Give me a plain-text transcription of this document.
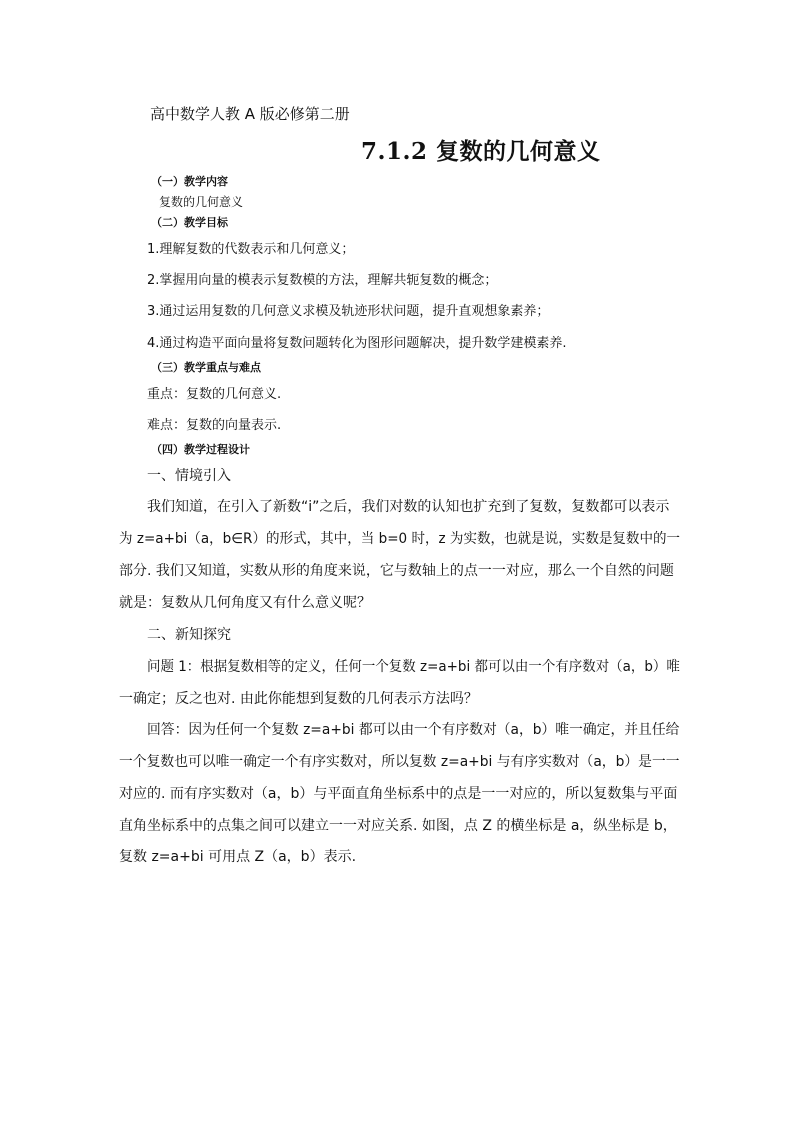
高中数学人教 A 版必修第二册

7.1.2 复数的几何意义

（一）教学内容

复数的几何意义

（二）教学目标

1.理解复数的代数表示和几何意义；

2.掌握用向量的模表示复数模的方法，理解共轭复数的概念；

3.通过运用复数的几何意义求模及轨迹形状问题，提升直观想象素养；

4.通过构造平面向量将复数问题转化为图形问题解决，提升数学建模素养.

（三）教学重点与难点

重点：复数的几何意义.

难点：复数的向量表示.

（四）教学过程设计

一、情境引入

我们知道，在引入了新数“i”之后，我们对数的认知也扩充到了复数，复数都可以表示

为 z=a+bi（a，b∈R）的形式，其中，当 b=0 时，z 为实数，也就是说，实数是复数中的一

部分. 我们又知道，实数从形的角度来说，它与数轴上的点一一对应，那么一个自然的问题

就是：复数从几何角度又有什么意义呢？

二、新知探究

问题 1：根据复数相等的定义，任何一个复数 z=a+bi 都可以由一个有序数对（a，b）唯

一确定；反之也对. 由此你能想到复数的几何表示方法吗？

回答：因为任何一个复数 z=a+bi 都可以由一个有序数对（a，b）唯一确定，并且任给

一个复数也可以唯一确定一个有序实数对，所以复数 z=a+bi 与有序实数对（a，b）是一一

对应的. 而有序实数对（a，b）与平面直角坐标系中的点是一一对应的，所以复数集与平面

直角坐标系中的点集之间可以建立一一对应关系. 如图，点 Z 的横坐标是 a，纵坐标是 b，

复数 z=a+bi 可用点 Z（a，b）表示.
